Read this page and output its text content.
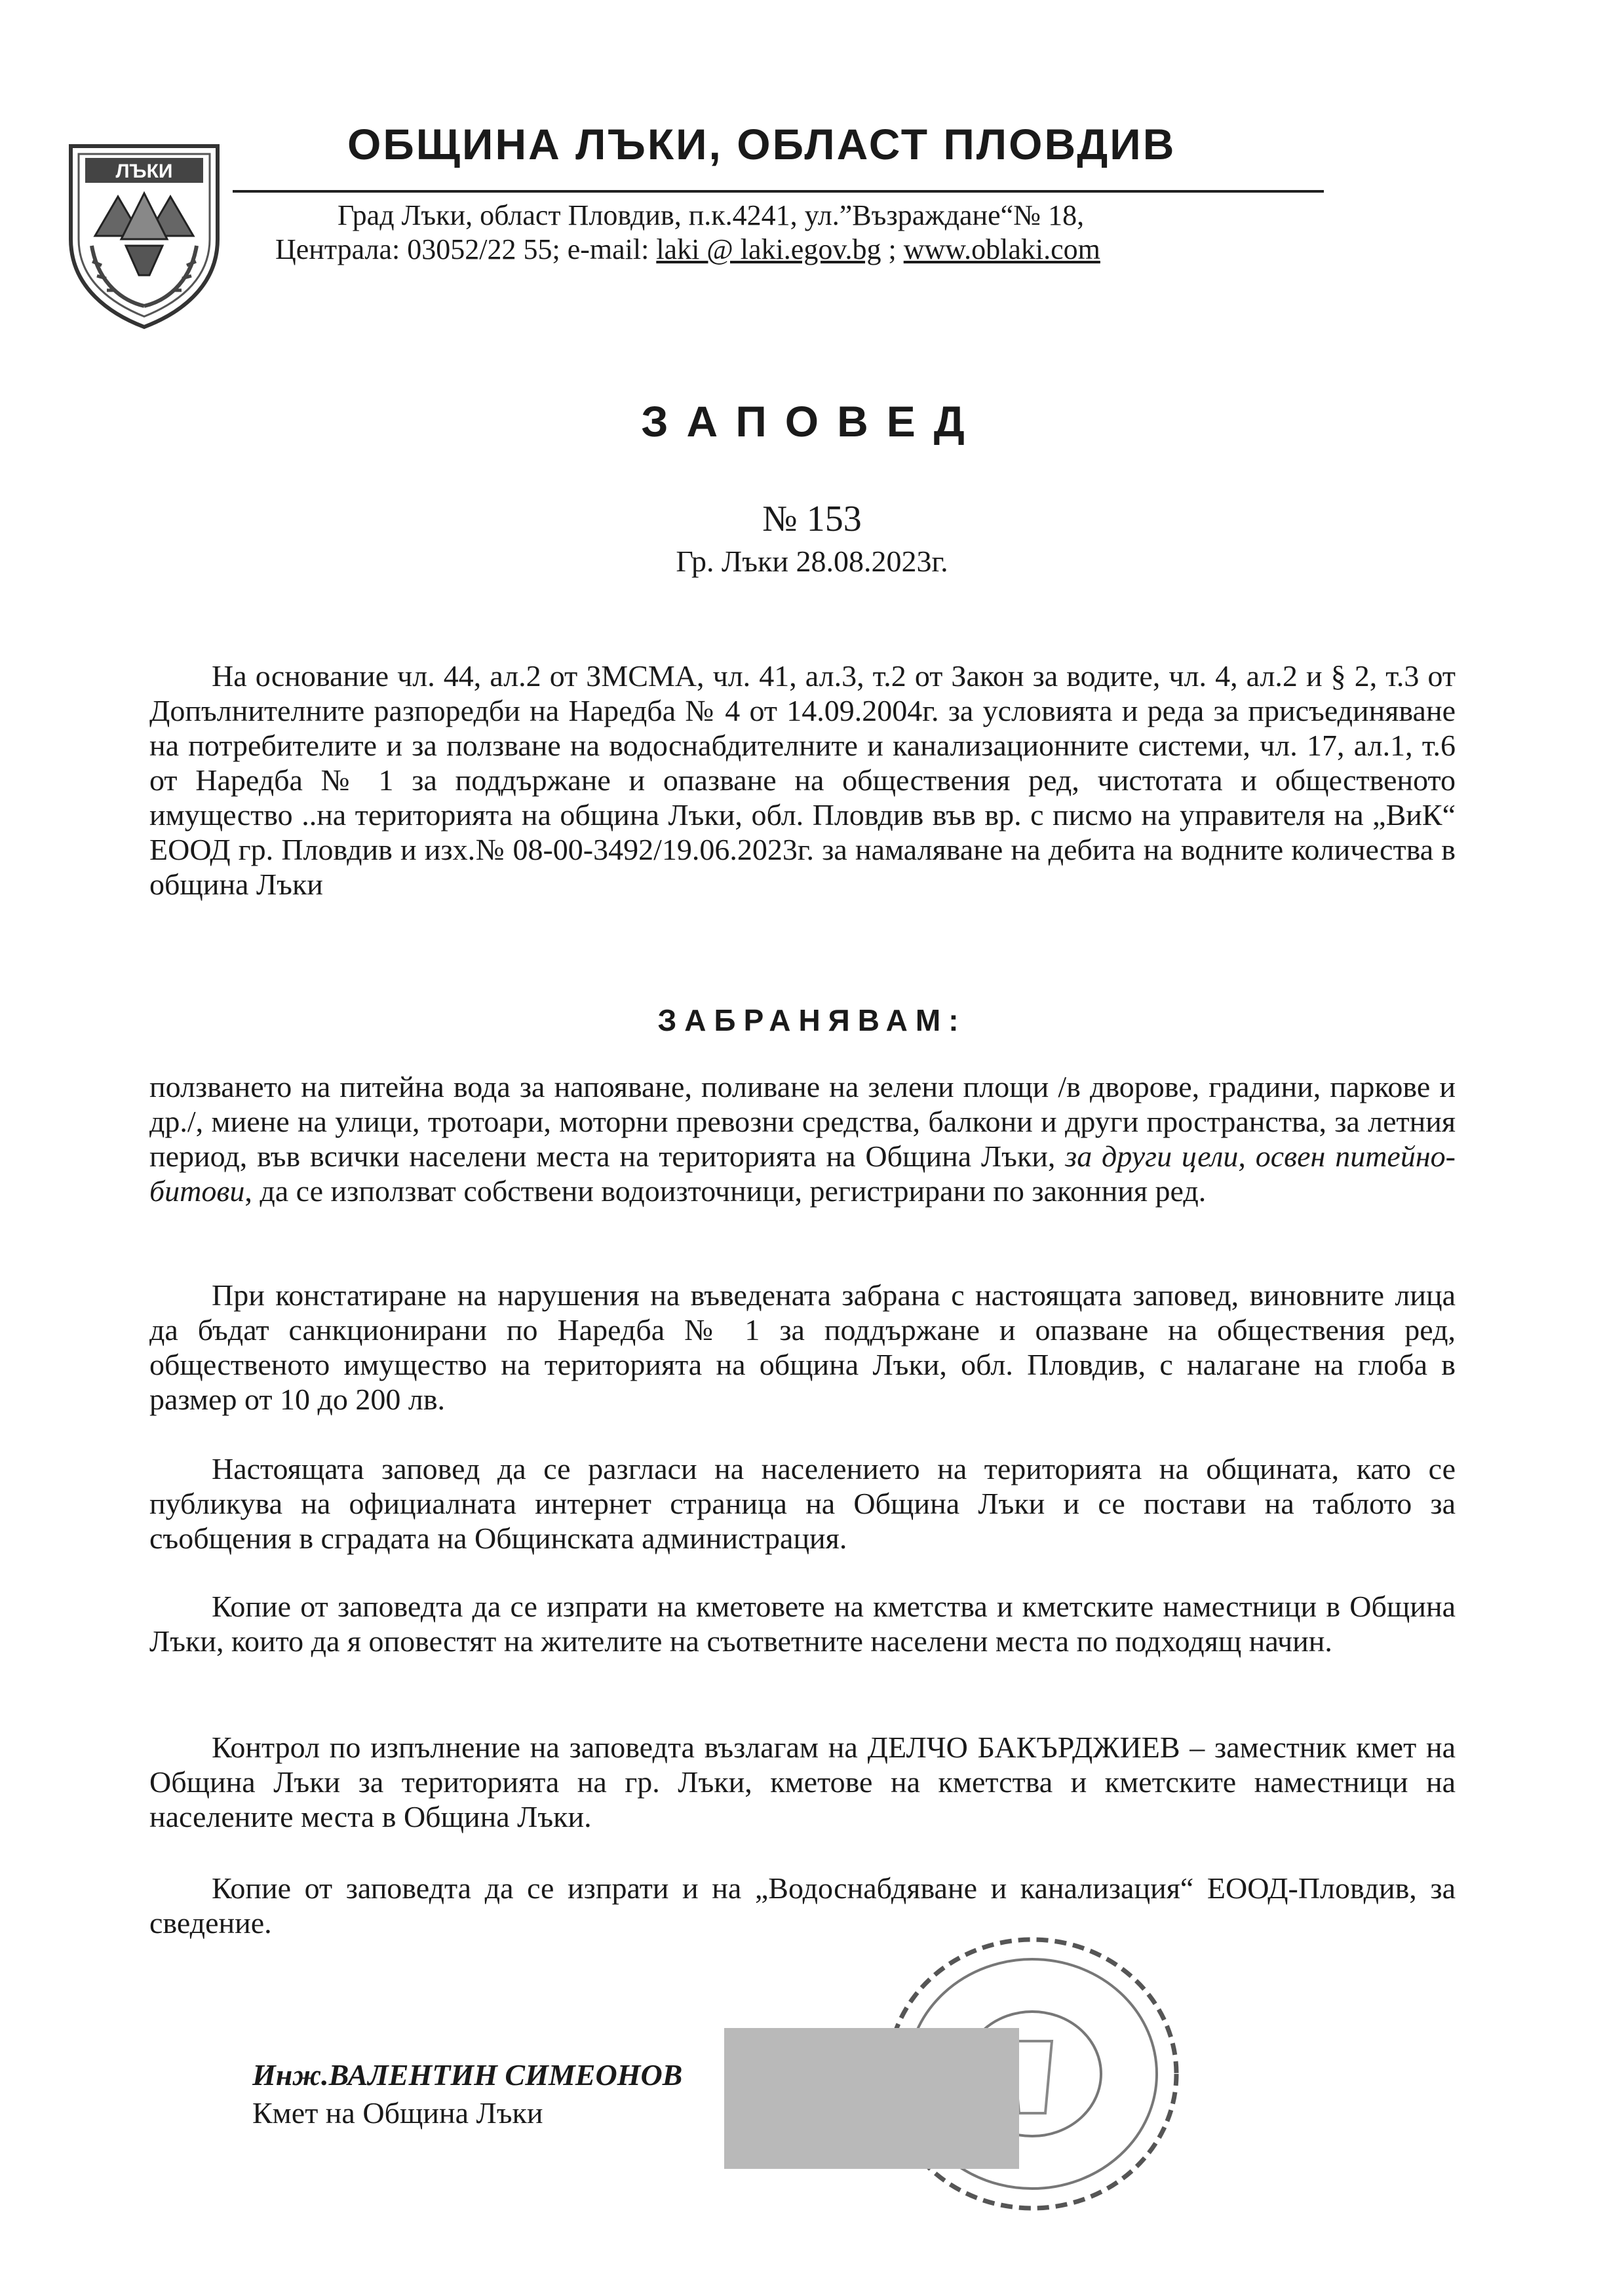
ЛЪКИ
ОБЩИНА ЛЪКИ, ОБЛАСТ ПЛОВДИВ
Град Лъки, област Пловдив, п.к.4241, ул.”Възраждане“№ 18,
Централа: 03052/22 55; e-mail: laki @ laki.egov.bg ; www.oblaki.com
ЗАПОВЕД
№ 153
Гр. Лъки 28.08.2023г.
На основание чл. 44, ал.2 от ЗМСМА, чл. 41, ал.3, т.2 от Закон за водите, чл. 4, ал.2 и § 2, т.3 от Допълнителните разпоредби на Наредба № 4 от 14.09.2004г. за условията и реда за присъединяване на потребителите и за ползване на водоснабдителните и канализационните системи, чл. 17, ал.1, т.6 от Наредба № 1 за поддържане и опазване на обществения ред, чистотата и общественото имущество ..на територията на община Лъки, обл. Пловдив във вр. с писмо на управителя на „ВиК“ ЕООД гр. Пловдив и изх.№ 08-00-3492/19.06.2023г. за намаляване на дебита на водните количества в община Лъки
ЗАБРАНЯВАМ:
ползването на питейна вода за напояване, поливане на зелени площи /в дворове, градини, паркове и др./, миене на улици, тротоари, моторни превозни средства, балкони и други пространства, за летния период, във всички населени места на територията на Община Лъки, за други цели, освен питейно-битови, да се използват собствени водоизточници, регистрирани по законния ред.
При констатиране на нарушения на въведената забрана с настоящата заповед, виновните лица да бъдат санкционирани по Наредба № 1 за поддържане и опазване на обществения ред, общественото имущество на територията на община Лъки, обл. Пловдив, с налагане на глоба в размер от 10 до 200 лв.
Настоящата заповед да се разгласи на населението на територията на общината, като се публикува на официалната интернет страница на Община Лъки и се постави на таблото за съобщения в сградата на Общинската администрация.
Копие от заповедта да се изпрати на кметовете на кметства и кметските наместници в Община Лъки, които да я оповестят на жителите на съответните населени места по подходящ начин.
Контрол по изпълнение на заповедта възлагам на ДЕЛЧО БАКЪРДЖИЕВ – заместник кмет на Община Лъки за територията на гр. Лъки, кметове на кметства и кметските наместници на населените места в Община Лъки.
Копие от заповедта да се изпрати и на „Водоснабдяване и канализация“ ЕООД-Пловдив, за сведение.
Инж.ВАЛЕНТИН СИМЕОНОВ
Кмет на Община Лъки
